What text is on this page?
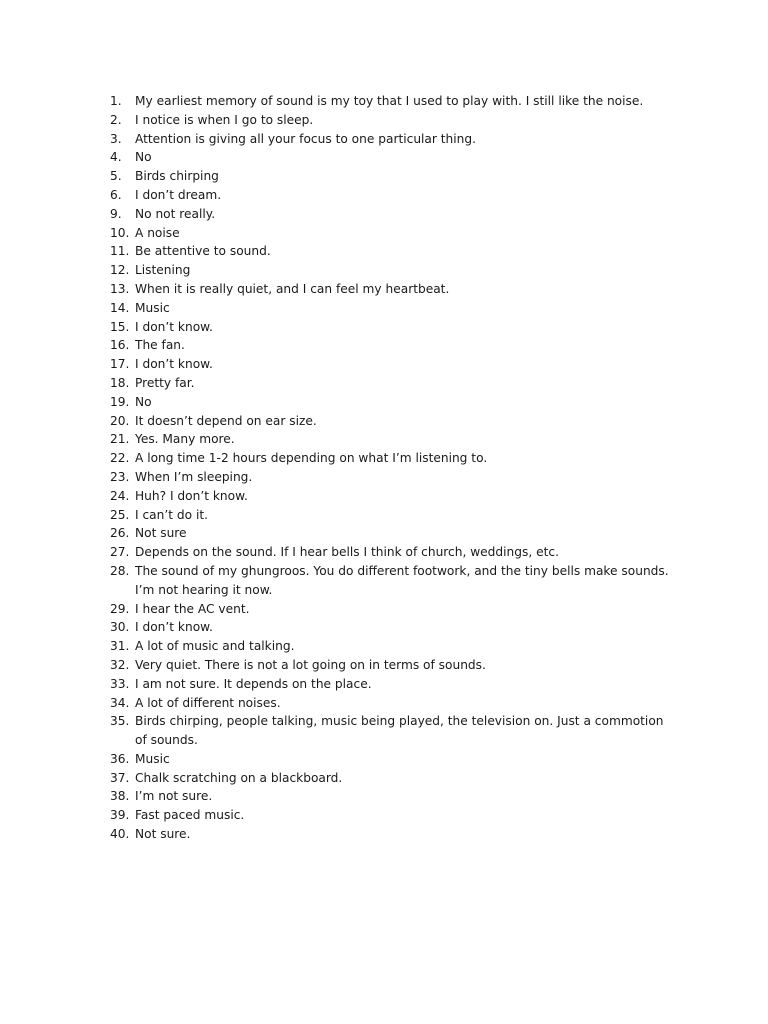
1.	My earliest memory of sound is my toy that I used to play with. I still like the noise.
2.	I notice is when I go to sleep.
3.	Attention is giving all your focus to one particular thing.
4.	No
5.	Birds chirping
6.	I don’t dream.
9.	No not really.
10. A noise
11. Be attentive to sound.
12. Listening
13. When it is really quiet, and I can feel my heartbeat.
14. Music
15. I don’t know.
16. The fan.
17. I don’t know.
18. Pretty far.
19. No
20. It doesn’t depend on ear size.
21. Yes. Many more.
22. A long time 1-2 hours depending on what I’m listening to.
23. When I’m sleeping.
24. Huh? I don’t know.
25. I can’t do it.
26. Not sure
27. Depends on the sound. If I hear bells I think of church, weddings, etc.
28. The sound of my ghungroos. You do different footwork, and the tiny bells make sounds. I’m not hearing it now.
29. I hear the AC vent.
30. I don’t know.
31. A lot of music and talking.
32. Very quiet. There is not a lot going on in terms of sounds.
33. I am not sure. It depends on the place.
34. A lot of different noises.
35. Birds chirping, people talking, music being played, the television on. Just a commotion of sounds.
36. Music
37. Chalk scratching on a blackboard.
38. I’m not sure.
39. Fast paced music.
40. Not sure.
